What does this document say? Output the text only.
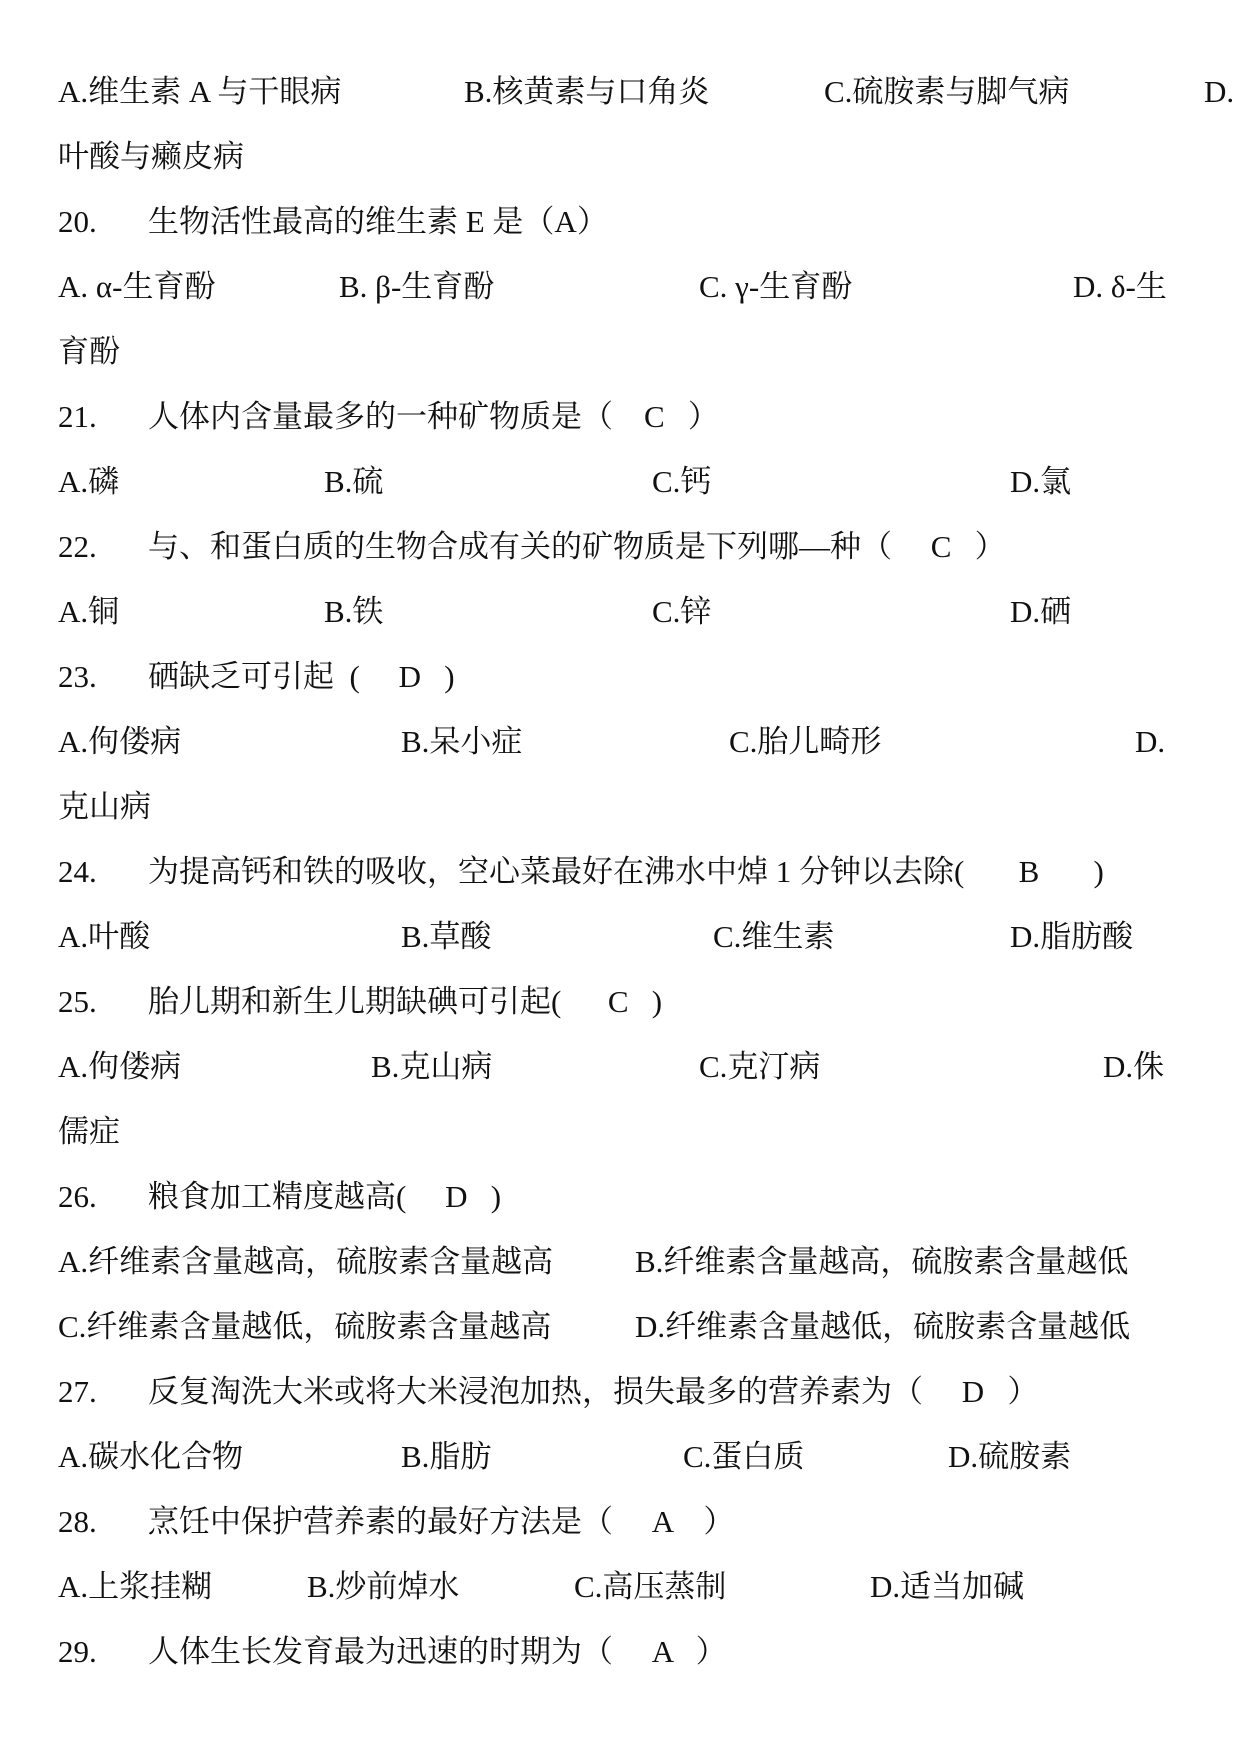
A.维生素 A 与干眼病	B.核黄素与口角炎	C.硫胺素与脚气病	D.
叶酸与癞皮病
20. 生物活性最高的维生素 E 是（A）
A. α-生育酚	B. β-生育酚	C. γ-生育酚	D. δ-生
育酚
21. 人体内含量最多的一种矿物质是（    C   ）
A.磷	B.硫	C.钙	D.氯
22. 与、和蛋白质的生物合成有关的矿物质是下列哪—种（     C   ）
A.铜	B.铁	C.锌	D.硒
23. 硒缺乏可引起  (     D   )
A.佝偻病	B.呆小症	C.胎儿畸形	D.
克山病
24. 为提高钙和铁的吸收，空心菜最好在沸水中焯 1 分钟以去除(       B       )
A.叶酸	B.草酸	C.维生素	D.脂肪酸
25. 胎儿期和新生儿期缺碘可引起(      C   )
A.佝偻病	B.克山病	C.克汀病	D.侏
儒症
26. 粮食加工精度越高(     D   )
A.纤维素含量越高，硫胺素含量越高	B.纤维素含量越高，硫胺素含量越低
C.纤维素含量越低，硫胺素含量越高	D.纤维素含量越低，硫胺素含量越低
27. 反复淘洗大米或将大米浸泡加热，损失最多的营养素为（     D   ）
A.碳水化合物	B.脂肪	C.蛋白质	D.硫胺素
28. 烹饪中保护营养素的最好方法是（     A    ）
A.上浆挂糊	B.炒前焯水	C.高压蒸制	D.适当加碱
29. 人体生长发育最为迅速的时期为（     A   ）
